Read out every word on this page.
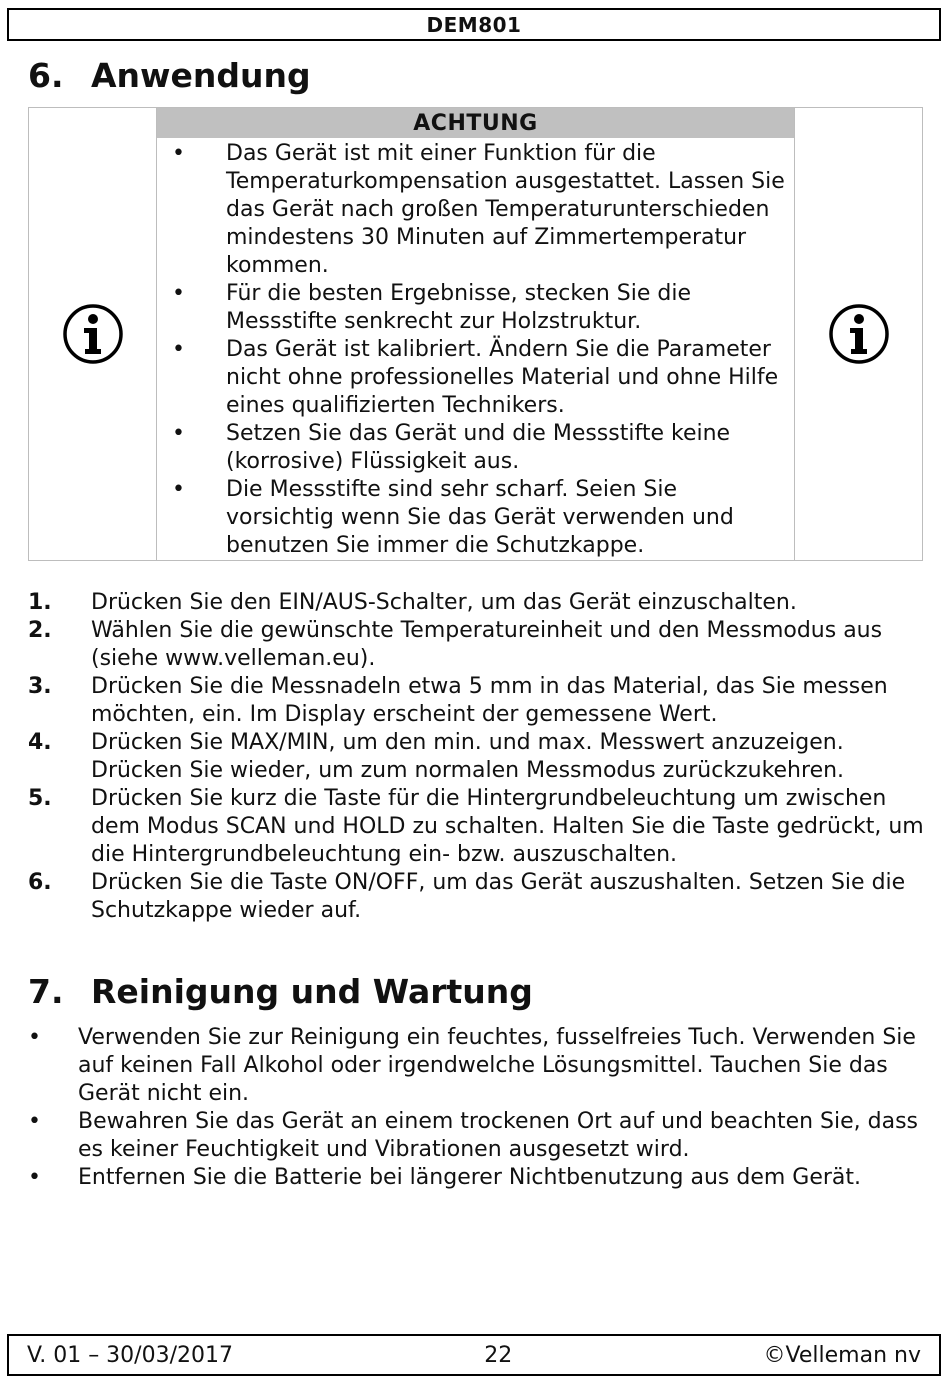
DEM801
6. Anwendung
ACHTUNG
• Das Gerät ist mit einer Funktion für die Temperaturkompensation ausgestattet. Lassen Sie das Gerät nach großen Temperaturunterschieden mindestens 30 Minuten auf Zimmertemperatur kommen.
• Für die besten Ergebnisse, stecken Sie die Messstifte senkrecht zur Holzstruktur.
• Das Gerät ist kalibriert. Ändern Sie die Parameter nicht ohne professionelles Material und ohne Hilfe eines qualifizierten Technikers.
• Setzen Sie das Gerät und die Messstifte keine (korrosive) Flüssigkeit aus.
• Die Messstifte sind sehr scharf. Seien Sie vorsichtig wenn Sie das Gerät verwenden und benutzen Sie immer die Schutzkappe.
1. Drücken Sie den EIN/AUS-Schalter, um das Gerät einzuschalten.
2. Wählen Sie die gewünschte Temperatureinheit und den Messmodus aus (siehe www.velleman.eu).
3. Drücken Sie die Messnadeln etwa 5 mm in das Material, das Sie messen möchten, ein. Im Display erscheint der gemessene Wert.
4. Drücken Sie MAX/MIN, um den min. und max. Messwert anzuzeigen. Drücken Sie wieder, um zum normalen Messmodus zurückzukehren.
5. Drücken Sie kurz die Taste für die Hintergrundbeleuchtung um zwischen dem Modus SCAN und HOLD zu schalten. Halten Sie die Taste gedrückt, um die Hintergrundbeleuchtung ein- bzw. auszuschalten.
6. Drücken Sie die Taste ON/OFF, um das Gerät auszushalten. Setzen Sie die Schutzkappe wieder auf.
7. Reinigung und Wartung
• Verwenden Sie zur Reinigung ein feuchtes, fusselfreies Tuch. Verwenden Sie auf keinen Fall Alkohol oder irgendwelche Lösungsmittel. Tauchen Sie das Gerät nicht ein.
• Bewahren Sie das Gerät an einem trockenen Ort auf und beachten Sie, dass es keiner Feuchtigkeit und Vibrationen ausgesetzt wird.
• Entfernen Sie die Batterie bei längerer Nichtbenutzung aus dem Gerät.
V. 01 – 30/03/2017	22	©Velleman nv
